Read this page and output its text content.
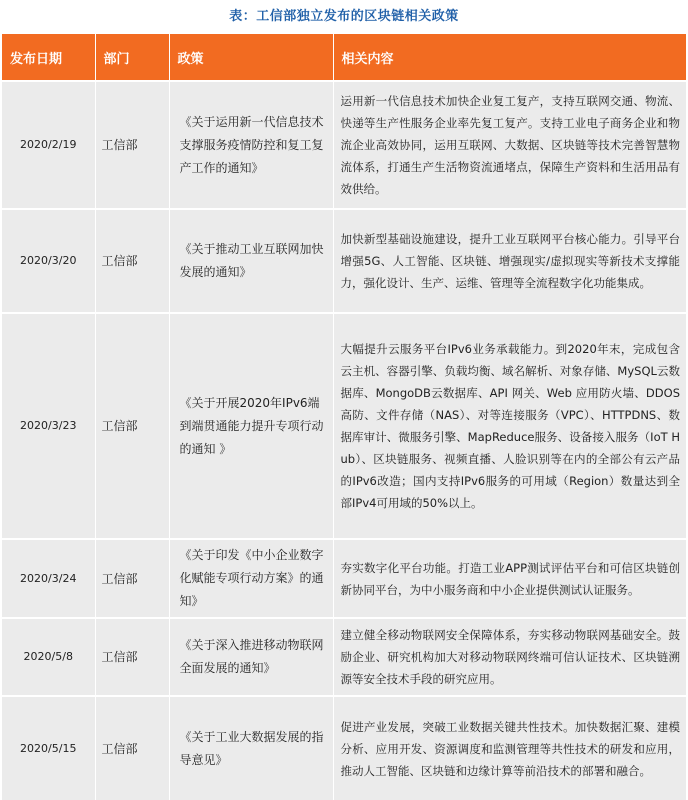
表：工信部独立发布的区块链相关政策
发布日期	部门	政策	相关内容
2020/2/19	工信部	《关于运用新一代信息技术支撑服务疫情防控和复工复产工作的通知》	运用新一代信息技术加快企业复工复产，支持互联网交通、物流、快递等生产性服务企业率先复工复产。支持工业电子商务企业和物流企业高效协同，运用互联网、大数据、区块链等技术完善智慧物流体系，打通生产生活物资流通堵点，保障生产资料和生活用品有效供给。
2020/3/20	工信部	《关于推动工业互联网加快发展的通知》	加快新型基础设施建设，提升工业互联网平台核心能力。引导平台增强5G、人工智能、区块链、增强现实/虚拟现实等新技术支撑能力，强化设计、生产、运维、管理等全流程数字化功能集成。
2020/3/23	工信部	《关于开展2020年IPv6端到端贯通能力提升专项行动的通知 》	大幅提升云服务平台IPv6业务承载能力。到2020年末，完成包含云主机、容器引擎、负载均衡、域名解析、对象存储、MySQL云数据库、MongoDB云数据库、API 网关、Web 应用防火墙、DDOS 高防、文件存储（NAS）、对等连接服务（VPC）、HTTPDNS、数据库审计、微服务引擎、MapReduce服务、设备接入服务（IoT Hub）、区块链服务、视频直播、人脸识别等在内的全部公有云产品的IPv6改造；国内支持IPv6服务的可用域（Region）数量达到全部IPv4可用域的50%以上。
2020/3/24	工信部	《关于印发《中小企业数字化赋能专项行动方案》的通知》	夯实数字化平台功能。打造工业APP测试评估平台和可信区块链创新协同平台，为中小服务商和中小企业提供测试认证服务。
2020/5/8	工信部	《关于深入推进移动物联网全面发展的通知》	建立健全移动物联网安全保障体系，夯实移动物联网基础安全。鼓励企业、研究机构加大对移动物联网终端可信认证技术、区块链溯源等安全技术手段的研究应用。
2020/5/15	工信部	《关于工业大数据发展的指导意见》	促进产业发展，突破工业数据关键共性技术。加快数据汇聚、建模分析、应用开发、资源调度和监测管理等共性技术的研发和应用，推动人工智能、区块链和边缘计算等前沿技术的部署和融合。
